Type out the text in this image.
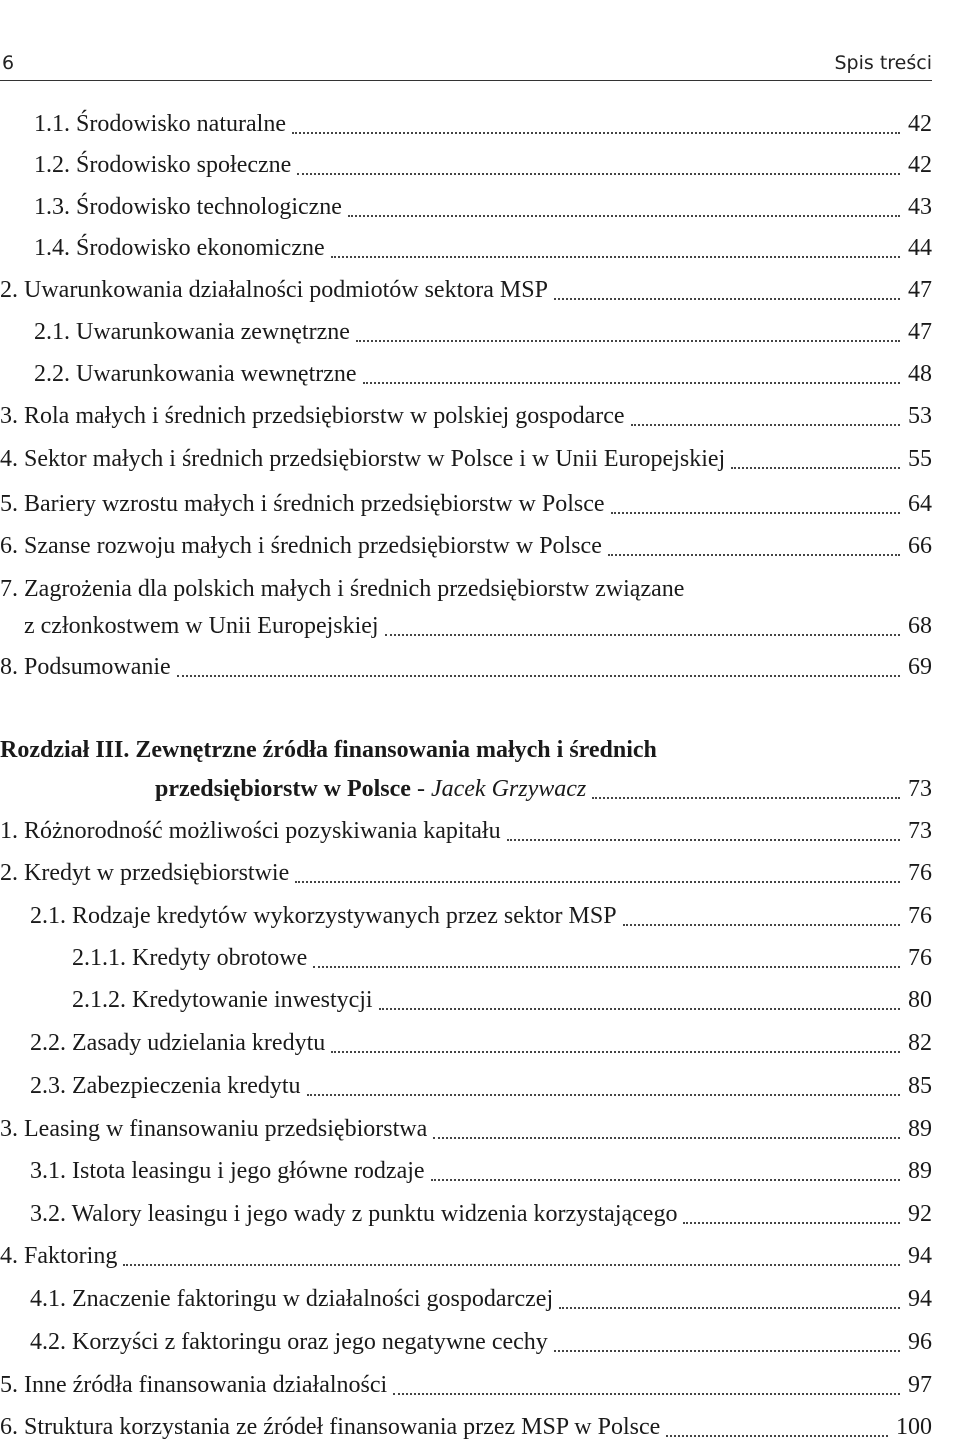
6	Spis treści
1.1. Środowisko naturalne	42
1.2. Środowisko społeczne	42
1.3. Środowisko technologiczne	43
1.4. Środowisko ekonomiczne	44
2. Uwarunkowania działalności podmiotów sektora MSP	47
2.1. Uwarunkowania zewnętrzne	47
2.2. Uwarunkowania wewnętrzne	48
3. Rola małych i średnich przedsiębiorstw w polskiej gospodarce	53
4. Sektor małych i średnich przedsiębiorstw w Polsce i w Unii Europejskiej	55
5. Bariery wzrostu małych i średnich przedsiębiorstw w Polsce	64
6. Szanse rozwoju małych i średnich przedsiębiorstw w Polsce	66
7. Zagrożenia dla polskich małych i średnich przedsiębiorstw związane
z członkostwem w Unii Europejskiej	68
8. Podsumowanie	69
Rozdział III. Zewnętrzne źródła finansowania małych i średnich
przedsiębiorstw w Polsce - Jacek Grzywacz	73
1. Różnorodność możliwości pozyskiwania kapitału	73
2. Kredyt w przedsiębiorstwie	76
2.1. Rodzaje kredytów wykorzystywanych przez sektor MSP	76
2.1.1. Kredyty obrotowe	76
2.1.2. Kredytowanie inwestycji	80
2.2. Zasady udzielania kredytu	82
2.3. Zabezpieczenia kredytu	85
3. Leasing w finansowaniu przedsiębiorstwa	89
3.1. Istota leasingu i jego główne rodzaje	89
3.2. Walory leasingu i jego wady z punktu widzenia korzystającego	92
4. Faktoring	94
4.1. Znaczenie faktoringu w działalności gospodarczej	94
4.2. Korzyści z faktoringu oraz jego negatywne cechy	96
5. Inne źródła finansowania działalności	97
6. Struktura korzystania ze źródeł finansowania przez MSP w Polsce	100
